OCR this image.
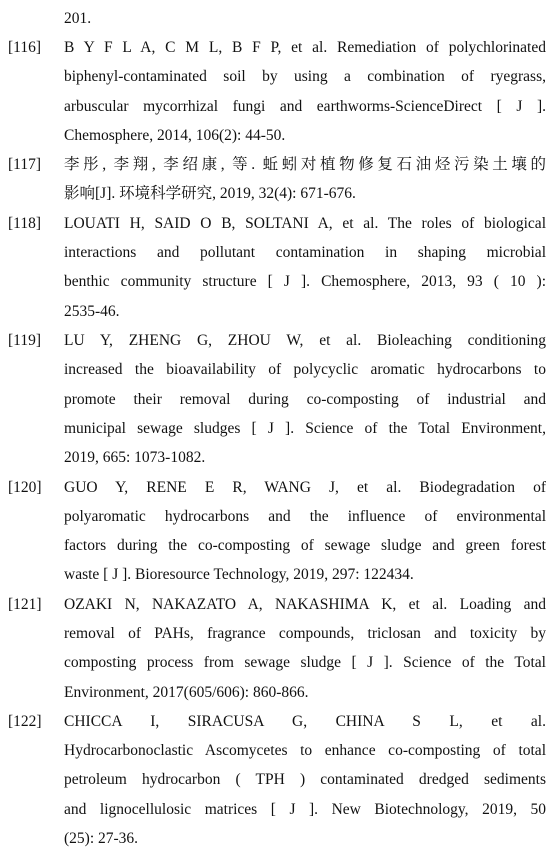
201.
[116] B Y F L A, C M L, B F P, et al. Remediation of polychlorinated
biphenyl-contaminated soil by using a combination of ryegrass,
arbuscular mycorrhizal fungi and earthworms-ScienceDirect [ J ].
Chemosphere, 2014, 106(2): 44-50.
[117] 李彤, 李翔, 李绍康, 等. 蚯蚓对植物修复石油烃污染土壤的
影响[J]. 环境科学研究, 2019, 32(4): 671-676.
[118] LOUATI H, SAID O B, SOLTANI A, et al. The roles of biological
interactions and pollutant contamination in shaping microbial
benthic community structure [ J ]. Chemosphere, 2013, 93 ( 10 ):
2535-46.
[119] LU Y, ZHENG G, ZHOU W, et al. Bioleaching conditioning
increased the bioavailability of polycyclic aromatic hydrocarbons to
promote their removal during co-composting of industrial and
municipal sewage sludges [ J ]. Science of the Total Environment,
2019, 665: 1073-1082.
[120] GUO Y, RENE E R, WANG J, et al. Biodegradation of
polyaromatic hydrocarbons and the influence of environmental
factors during the co-composting of sewage sludge and green forest
waste [ J ]. Bioresource Technology, 2019, 297: 122434.
[121] OZAKI N, NAKAZATO A, NAKASHIMA K, et al. Loading and
removal of PAHs, fragrance compounds, triclosan and toxicity by
composting process from sewage sludge [ J ]. Science of the Total
Environment, 2017(605/606): 860-866.
[122] CHICCA I, SIRACUSA G, CHINA S L, et al.
Hydrocarbonoclastic Ascomycetes to enhance co-composting of total
petroleum hydrocarbon ( TPH ) contaminated dredged sediments
and lignocellulosic matrices [ J ]. New Biotechnology, 2019, 50
(25): 27-36.
